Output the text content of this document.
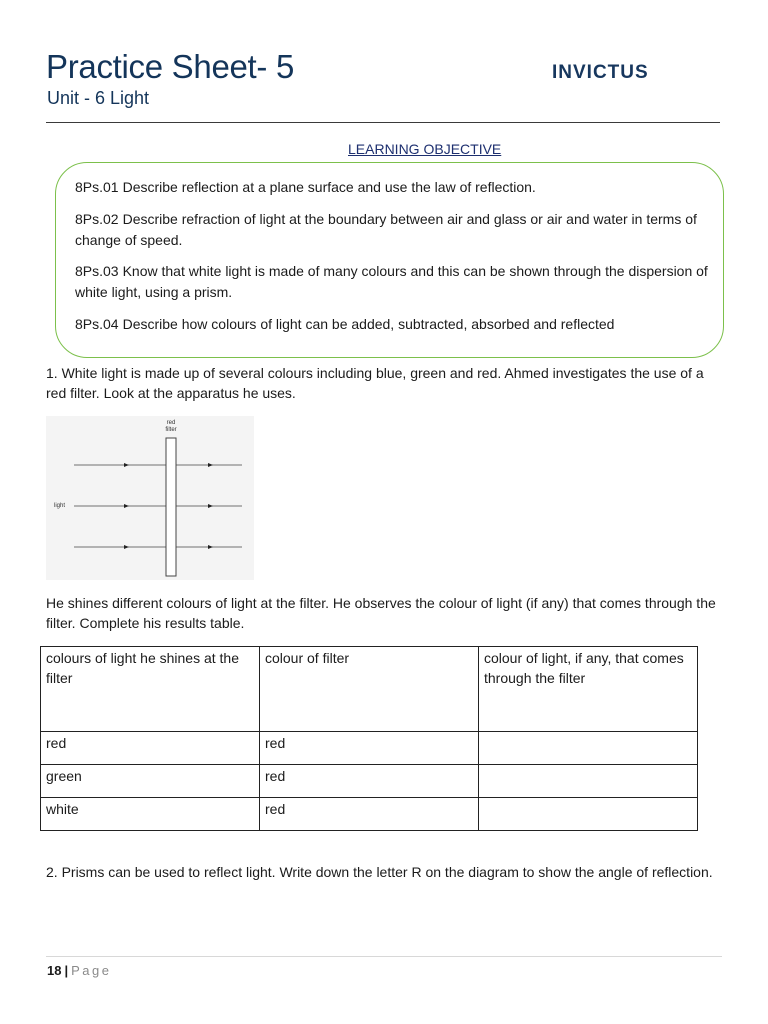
Practice Sheet- 5
Unit - 6 Light
INVICTUS
LEARNING OBJECTIVE
8Ps.01 Describe reflection at a plane surface and use the law of reflection.
8Ps.02 Describe refraction of light at the boundary between air and glass or air and water in terms of change of speed.
8Ps.03 Know that white light is made of many colours and this can be shown through the dispersion of white light, using a prism.
8Ps.04 Describe how colours of light can be added, subtracted, absorbed and reflected
1. White light is made up of several colours including blue, green and red. Ahmed investigates the use of a red filter. Look at the apparatus he uses.
red
filter
light
He shines different colours of light at the filter. He observes the colour of light (if any) that comes through the filter. Complete his results table.
colours of light he shines at the filter	colour of filter	colour of light, if any, that comes through the filter
red	red	
green	red	
white	red	
2. Prisms can be used to reflect light. Write down the letter R on the diagram to show the angle of reflection.
18 | Page
